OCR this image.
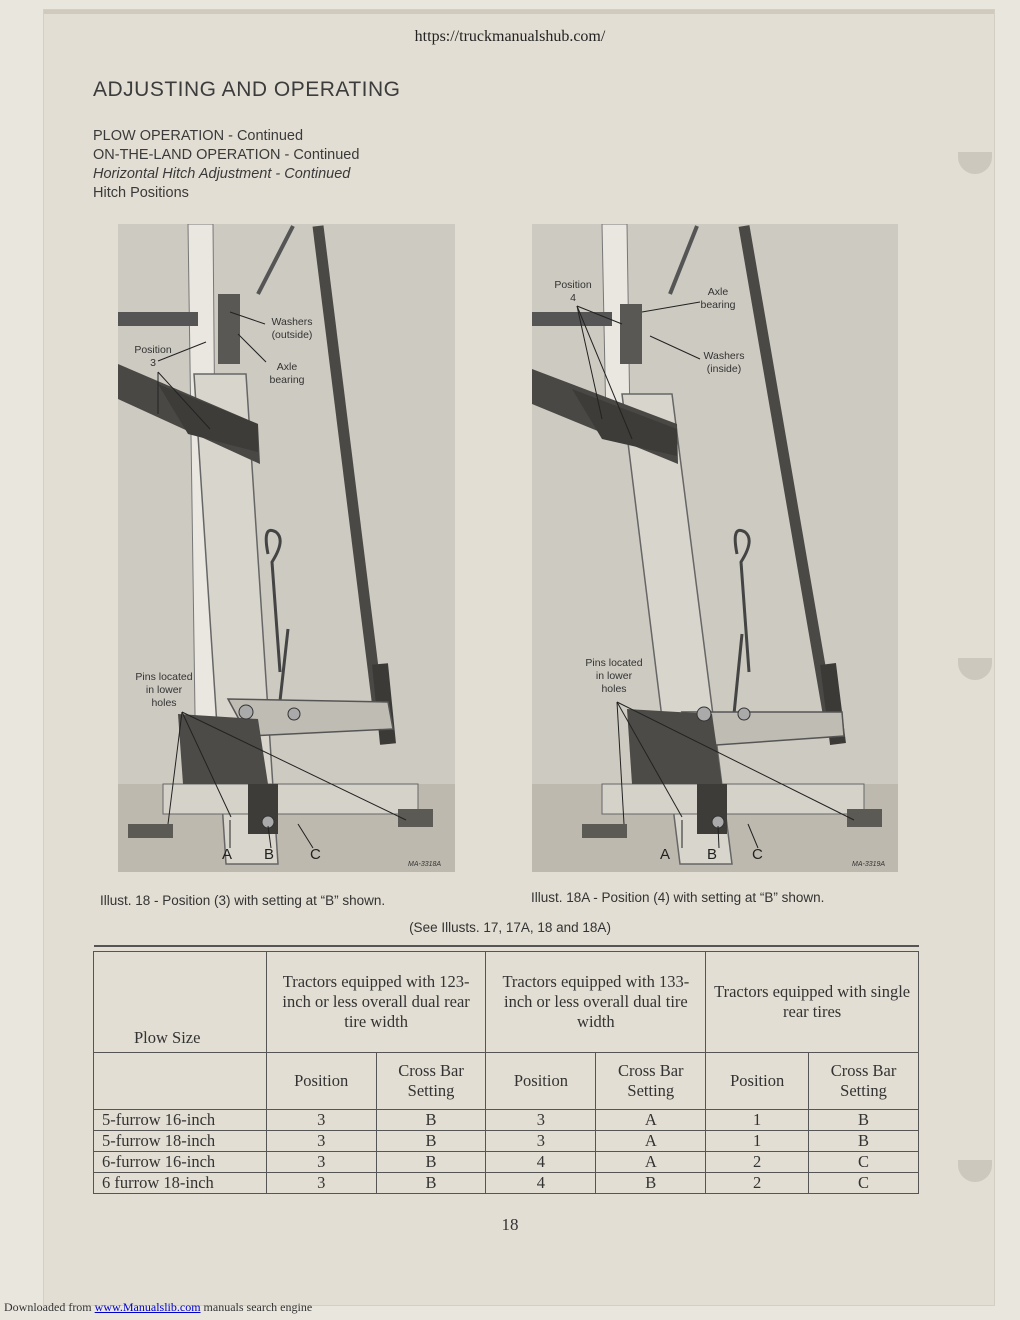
https://truckmanualshub.com/
ADJUSTING AND OPERATING
PLOW OPERATION - Continued
ON-THE-LAND OPERATION - Continued
Horizontal Hitch Adjustment - Continued
Hitch Positions
Washers
(outside)
Position
3	Axle
bearing
Pins located
in lower
holes
A B C
MA-3318A
Position
4	Axle
bearing
Washers
(inside)
Pins located
in lower
holes
A B C
MA-3319A
Illust. 18 - Position (3) with setting at “B” shown.	Illust. 18A - Position (4) with setting at “B” shown.
(See Illusts. 17, 17A, 18 and 18A)

Plow Size	Tractors equipped with 123-inch or less overall dual rear tire width		Tractors equipped with 133-inch or less overall dual tire width		Tractors equipped with single rear tires	
	Position	Cross Bar Setting	Position	Cross Bar Setting	Position	Cross Bar Setting
5-furrow 16-inch	3	B	3	A	1	B
5-furrow 18-inch	3	B	3	A	1	B
6-furrow 16-inch	3	B	4	A	2	C
6 furrow 18-inch	3	B	4	B	2	C
18
Downloaded from www.Manualslib.com manuals search engine
